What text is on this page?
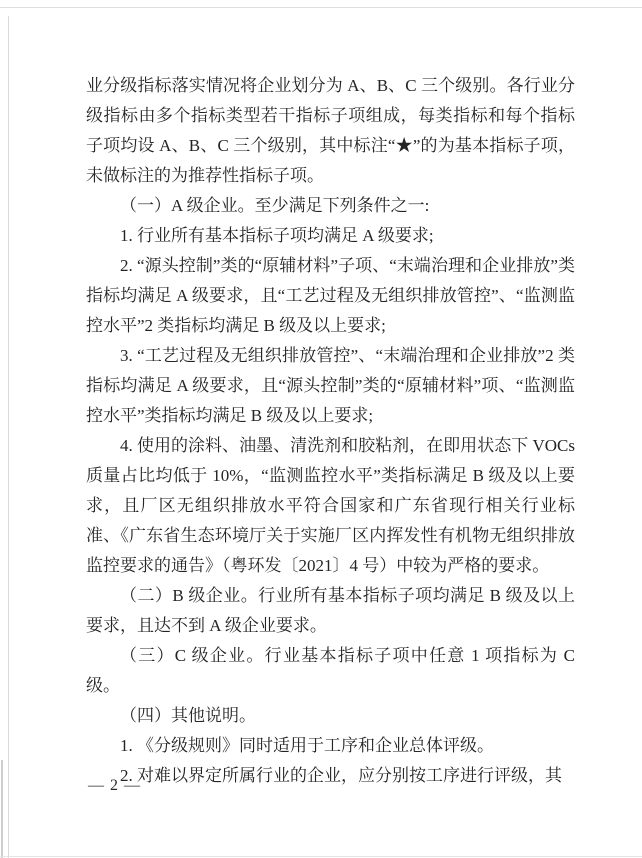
业分级指标落实情况将企业划分为 A、B、C 三个级别。各行业分级指标由多个指标类型若干指标子项组成，每类指标和每个指标子项均设 A、B、C 三个级别，其中标注“★”的为基本指标子项，未做标注的为推荐性指标子项。

（一）A 级企业。至少满足下列条件之一:

1. 行业所有基本指标子项均满足 A 级要求;

2. “源头控制”类的“原辅材料”子项、“末端治理和企业排放”类指标均满足 A 级要求，且“工艺过程及无组织排放管控”、“监测监控水平”2 类指标均满足 B 级及以上要求;

3. “工艺过程及无组织排放管控”、“末端治理和企业排放”2 类指标均满足 A 级要求，且“源头控制”类的“原辅材料”项、“监测监控水平”类指标均满足 B 级及以上要求;

4. 使用的涂料、油墨、清洗剂和胶粘剂，在即用状态下 VOCs 质量占比均低于 10%，“监测监控水平”类指标满足 B 级及以上要求，且厂区无组织排放水平符合国家和广东省现行相关行业标准、《广东省生态环境厅关于实施厂区内挥发性有机物无组织排放监控要求的通告》（粤环发〔2021〕4 号）中较为严格的要求。

（二）B 级企业。行业所有基本指标子项均满足 B 级及以上要求，且达不到 A 级企业要求。

（三）C 级企业。行业基本指标子项中任意 1 项指标为 C 级。

（四）其他说明。

1. 《分级规则》同时适用于工序和企业总体评级。

2. 对难以界定所属行业的企业，应分别按工序进行评级，其

— 2 —
